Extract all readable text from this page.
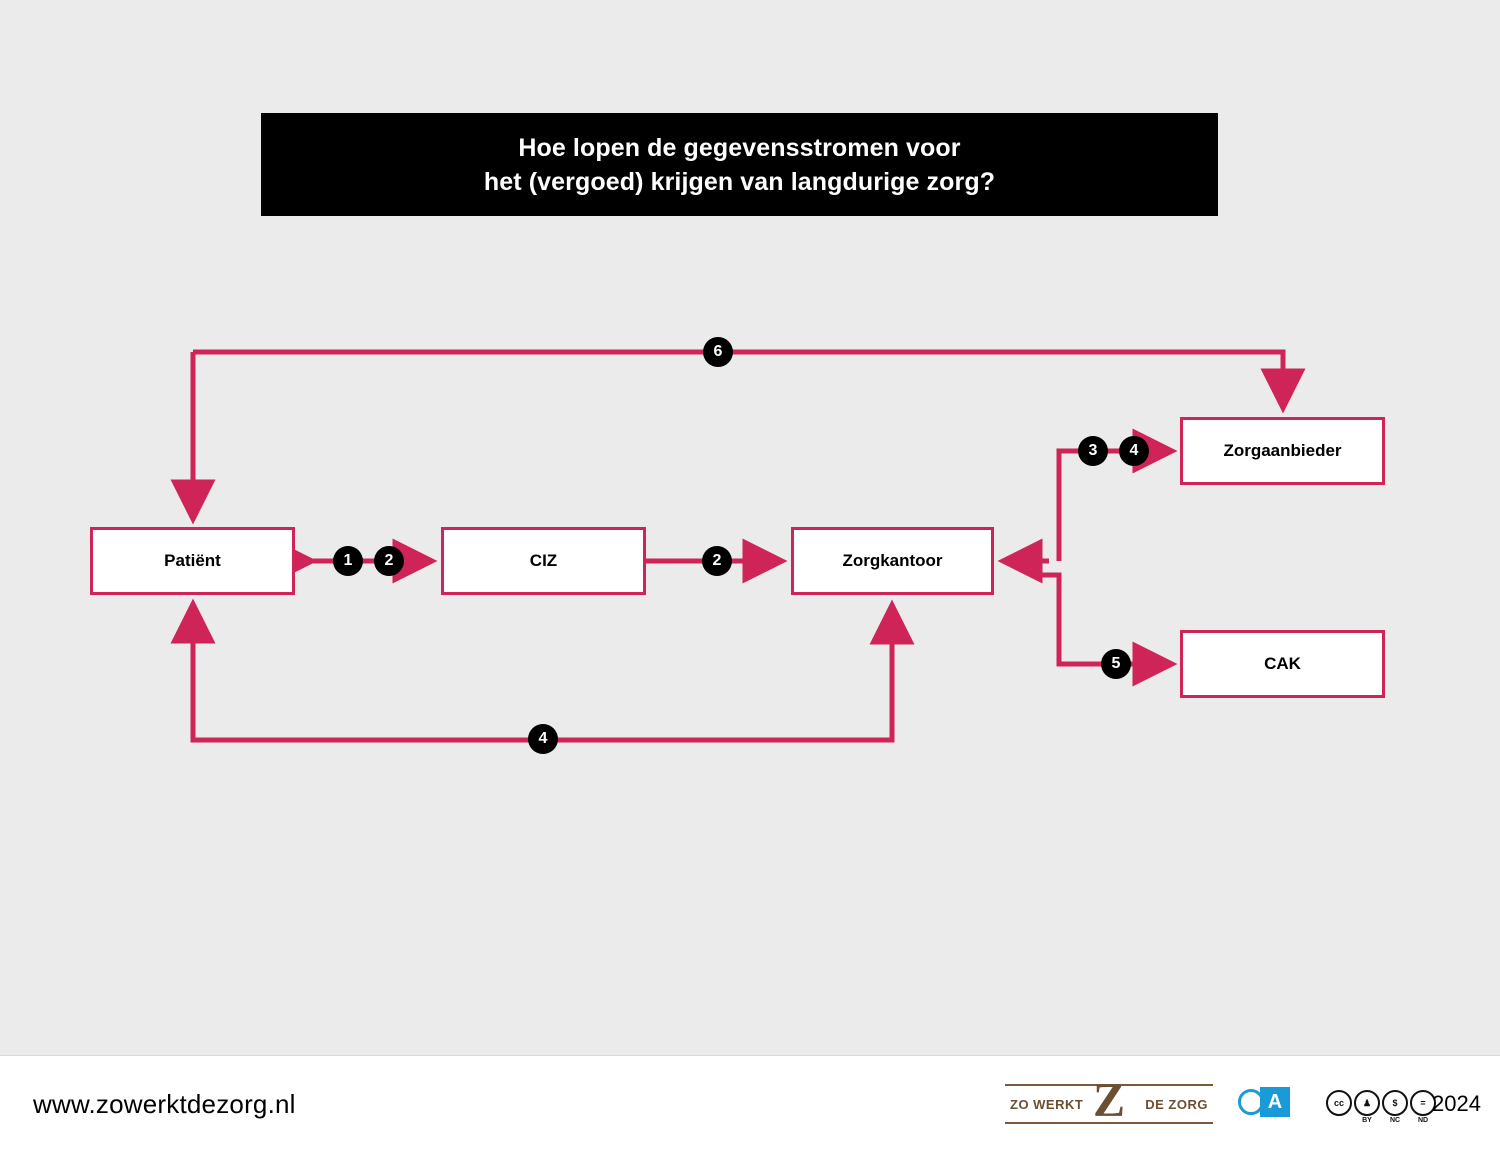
Hoe lopen de gegevensstromen voor
het (vergoed) krijgen van langdurige zorg?
Patiënt	CIZ	Zorgkantoor
Zorgaanbieder
CAK
1	2	2
3	4
4
5
6
www.zowerktdezorg.nl	ZO WERKT Z DE ZORG	A	cc	♟
BY
$
NC
=
ND
2024
